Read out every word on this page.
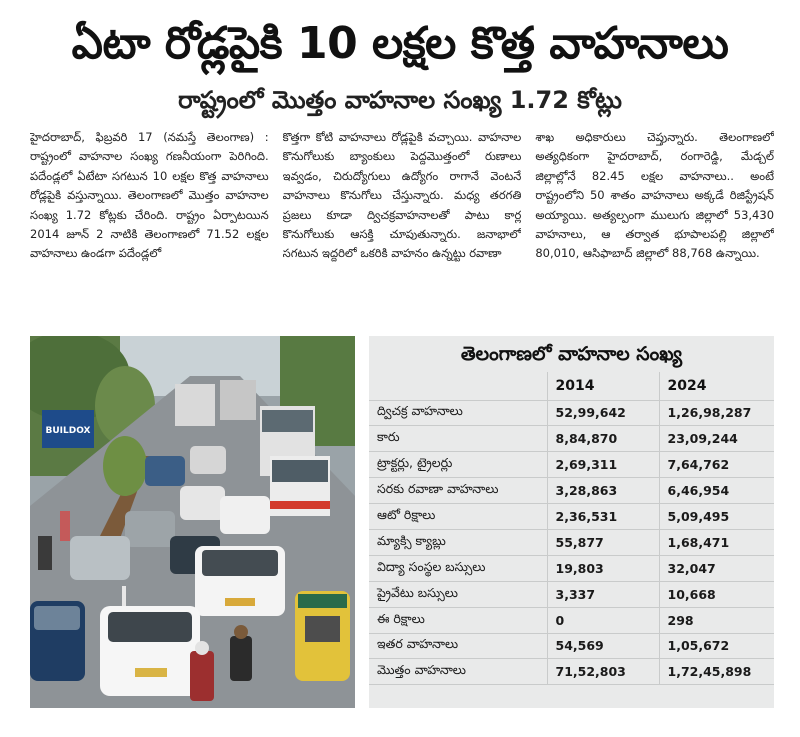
ఏటా రోడ్లపైకి 10 లక్షల కొత్త వాహనాలు
రాష్ట్రంలో మొత్తం వాహనాల సంఖ్య 1.72 కోట్లు

హైదరాబాద్‌, ఫిబ్రవరి 17 (నమస్తే తెలంగాణ) : రాష్ట్రంలో వాహనాల సంఖ్య గణనీయంగా పెరిగింది. పదేండ్లలో ఏటేటా సగటున 10 లక్షల కొత్త వాహనాలు రోడ్లపైకి వస్తున్నాయి. తెలంగాణలో మొత్తం వాహనాల సంఖ్య 1.72 కోట్లకు చేరింది. రాష్ట్రం ఏర్పాటయిన 2014 జూన్‌ 2 నాటికి తెలంగాణలో 71.52 లక్షల వాహనాలు ఉండగా పదేండ్లలో

కొత్తగా కోటి వాహనాలు రోడ్లపైకి వచ్చాయి. వాహనాల కొనుగోలుకు బ్యాంకులు పెద్దమొత్తంలో రుణాలు ఇవ్వడం, చిరుద్యోగులు ఉద్యోగం రాగానే వెంటనే వాహనాలు కొనుగోలు చేస్తున్నారు. మధ్య తరగతి ప్రజలు కూడా ద్విచక్రవాహనాలతో పాటు కార్ల కొనుగోలుకు ఆసక్తి చూపుతున్నారు. జనాభాలో సగటున ఇద్దరిలో ఒకరికి వాహనం ఉన్నట్టు రవాణా

శాఖ అధికారులు చెప్తున్నారు. తెలంగాణలో అత్యధికంగా హైదరాబాద్‌, రంగారెడ్డి, మేడ్చల్‌ జిల్లాల్లోనే 82.45 లక్షల వాహనాలు.. అంటే రాష్ట్రంలోని 50 శాతం వాహనాలు అక్కడే రిజిస్ట్రేషన్‌ అయ్యాయి. అత్యల్పంగా ములుగు జిల్లాలో 53,430 వాహనాలు, ఆ తర్వాత భూపాలపల్లి జిల్లాలో 80,010, ఆసిఫాబాద్‌ జిల్లాలో 88,768 ఉన్నాయి.

BUILDOX
తెలంగాణలో వాహనాల సంఖ్య
	2014	2024
ద్విచక్ర వాహనాలు	52,99,642	1,26,98,287
కారు	8,84,870	23,09,244
ట్రాక్టర్లు, ట్రైలర్లు	2,69,311	7,64,762
సరకు రవాణా వాహనాలు	3,28,863	6,46,954
ఆటో రిక్షాలు	2,36,531	5,09,495
మ్యాక్సి క్యాబ్లు	55,877	1,68,471
విద్యా సంస్థల బస్సులు	19,803	32,047
ప్రైవేటు బస్సులు	3,337	10,668
ఈ రిక్షాలు	0	298
ఇతర వాహనాలు	54,569	1,05,672
మొత్తం వాహనాలు	71,52,803	1,72,45,898
